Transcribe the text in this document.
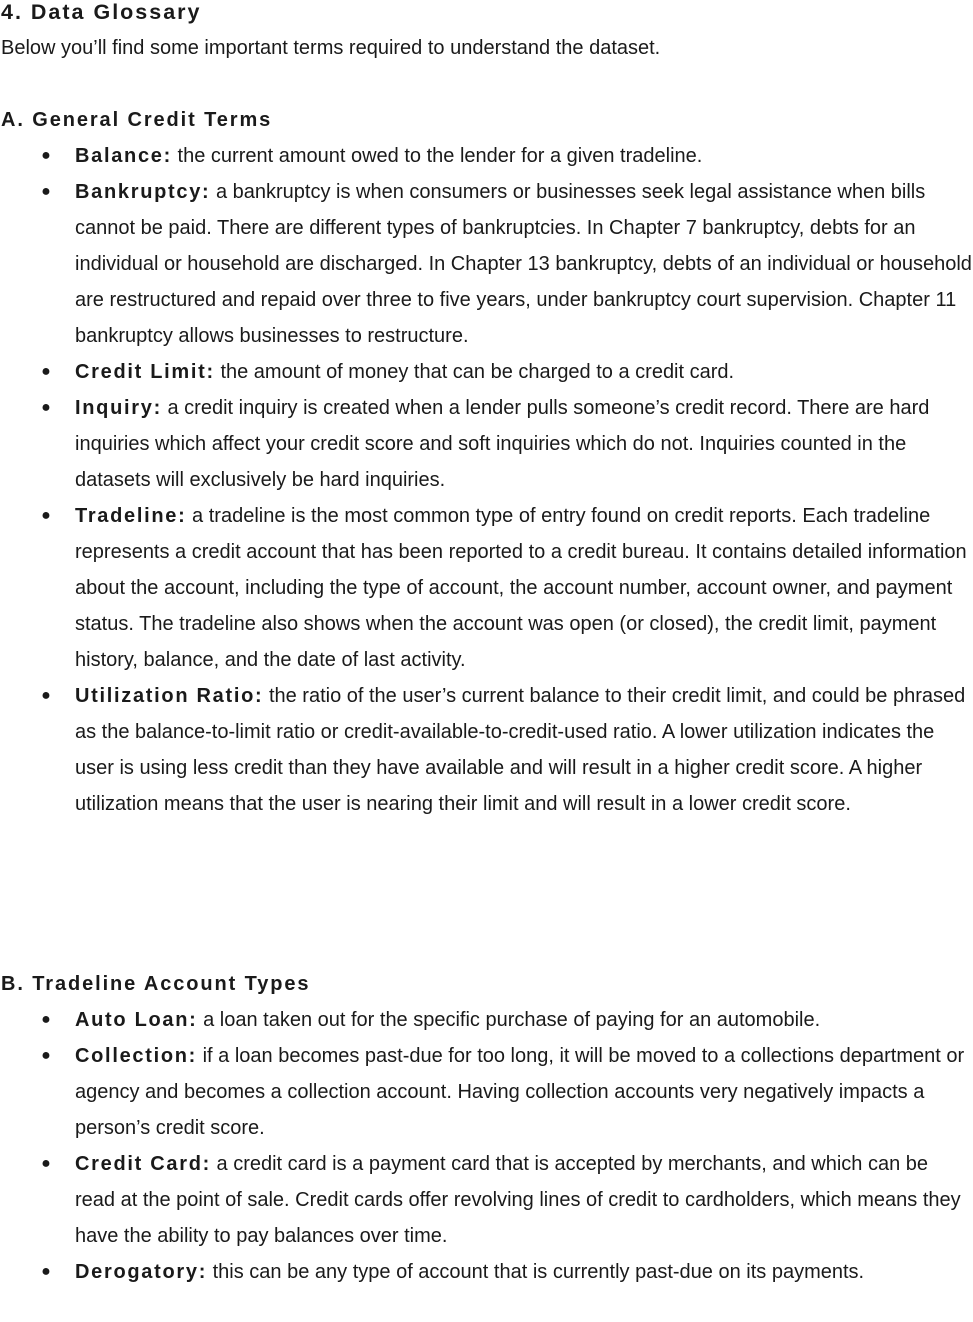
4. Data Glossary
Below you’ll find some important terms required to understand the dataset.
A. General Credit Terms
● Balance: the current amount owed to the lender for a given tradeline.
● Bankruptcy: a bankruptcy is when consumers or businesses seek legal assistance when bills cannot be paid. There are different types of bankruptcies. In Chapter 7 bankruptcy, debts for an individual or household are discharged. In Chapter 13 bankruptcy, debts of an individual or household are restructured and repaid over three to five years, under bankruptcy court supervision. Chapter 11 bankruptcy allows businesses to restructure.
● Credit Limit: the amount of money that can be charged to a credit card.
● Inquiry: a credit inquiry is created when a lender pulls someone’s credit record. There are hard inquiries which affect your credit score and soft inquiries which do not. Inquiries counted in the datasets will exclusively be hard inquiries.
● Tradeline: a tradeline is the most common type of entry found on credit reports. Each tradeline represents a credit account that has been reported to a credit bureau. It contains detailed information about the account, including the type of account, the account number, account owner, and payment status. The tradeline also shows when the account was open (or closed), the credit limit, payment history, balance, and the date of last activity.
● Utilization Ratio: the ratio of the user’s current balance to their credit limit, and could be phrased as the balance-to-limit ratio or credit-available-to-credit-used ratio. A lower utilization indicates the user is using less credit than they have available and will result in a higher credit score. A higher utilization means that the user is nearing their limit and will result in a lower credit score.
B. Tradeline Account Types
● Auto Loan: a loan taken out for the specific purchase of paying for an automobile.
● Collection: if a loan becomes past-due for too long, it will be moved to a collections department or agency and becomes a collection account. Having collection accounts very negatively impacts a person’s credit score.
● Credit Card: a credit card is a payment card that is accepted by merchants, and which can be read at the point of sale. Credit cards offer revolving lines of credit to cardholders, which means they have the ability to pay balances over time.
● Derogatory: this can be any type of account that is currently past-due on its payments.
